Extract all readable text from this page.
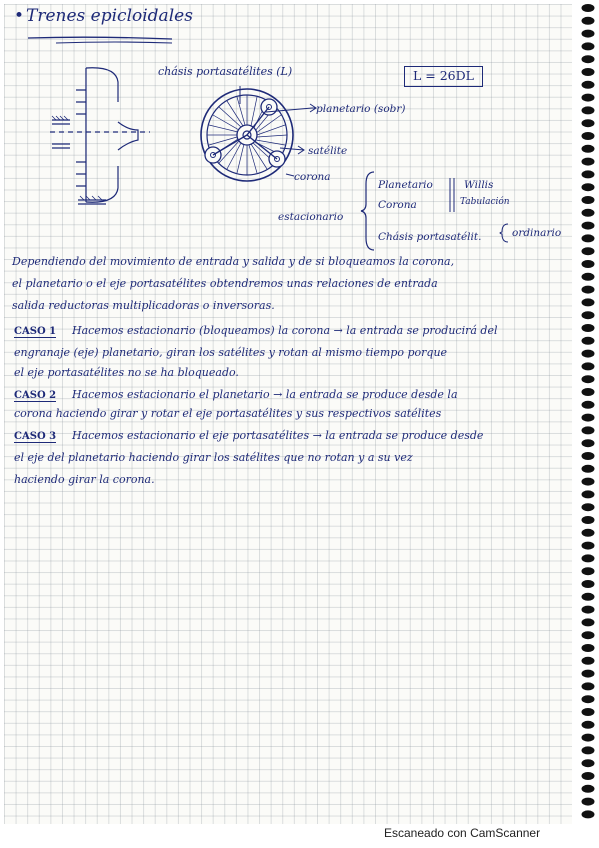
• Trenes epicloidales
chásis portasatélites (L)
planetario (sobr)
satélite
corona
L = 26DL
estacionario
Planetario
Corona
Chásis portasatélit.	ordinario
Willis
Tabulación
Dependiendo del movimiento de entrada y salida y de si bloqueamos la corona,
el planetario o el eje portasatélites obtendremos unas relaciones de entrada
salida reductoras multiplicadoras o inversoras.
CASO 1 Hacemos estacionario (bloqueamos) la corona → la entrada se producirá del
engranaje (eje) planetario, giran los satélites y rotan al mismo tiempo porque
el eje portasatélites no se ha bloqueado.
CASO 2 Hacemos estacionario el planetario → la entrada se produce desde la
corona haciendo girar y rotar el eje portasatélites y sus respectivos satélites
CASO 3 Hacemos estacionario el eje portasatélites → la entrada se produce desde
el eje del planetario haciendo girar los satélites que no rotan y a su vez
haciendo girar la corona.
Escaneado con CamScanner
